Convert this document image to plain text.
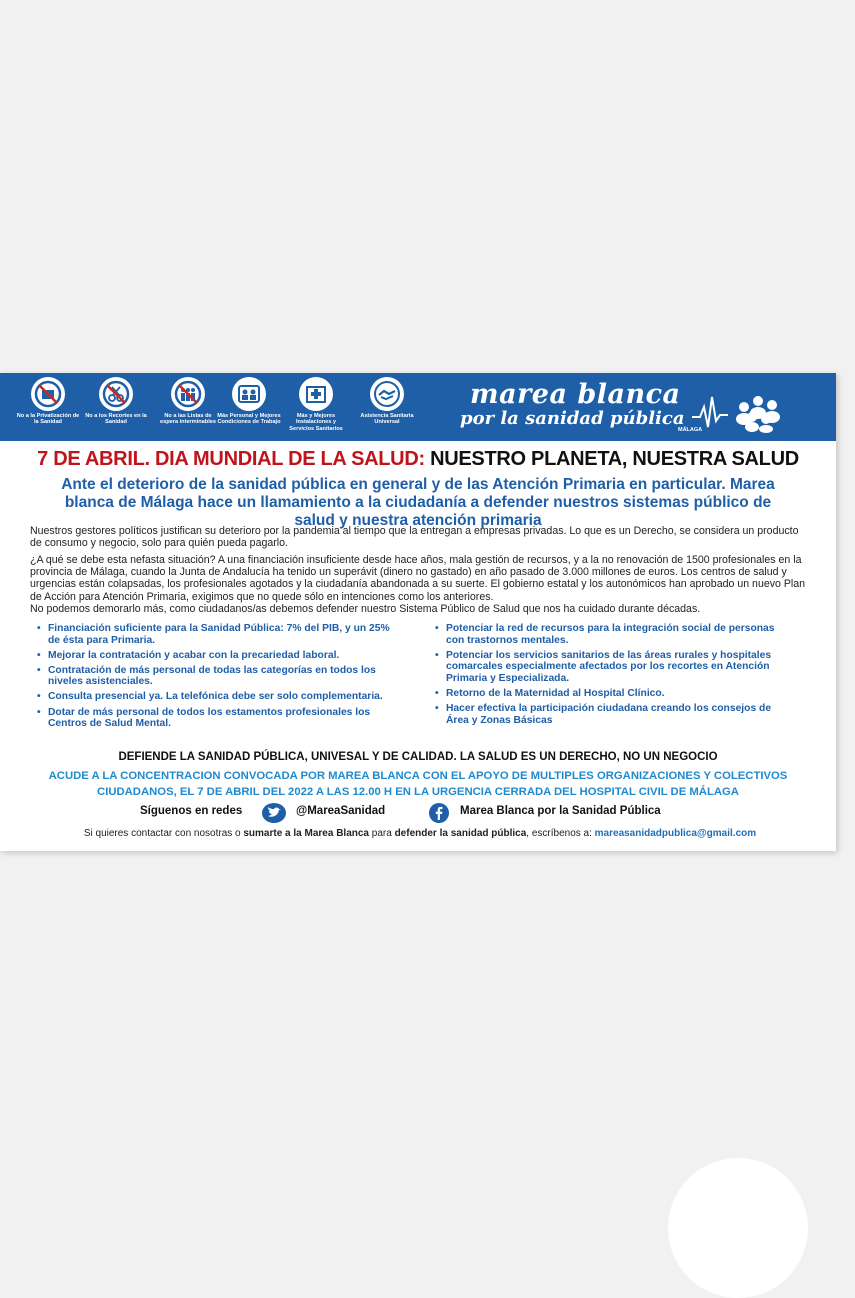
No a la Privatización de la Sanidad
No a los Recortes en la Sanidad
No a las Listas de espera interminables
Más Personal y Mejores Condiciones de Trabajo
Más y Mejores Instalaciones y Servicios Sanitarios
Asistencia Sanitaria Universal
marea blanca
por la sanidad pública
MÁLAGA
7 DE ABRIL. DIA MUNDIAL DE LA SALUD: NUESTRO PLANETA, NUESTRA SALUD
Ante el deterioro de la sanidad pública en general y de las Atención Primaria en particular. Marea blanca de Málaga hace un llamamiento a la ciudadanía a defender nuestros sistemas público de salud y nuestra atención primaria
Nuestros gestores políticos justifican su deterioro por la pandemia al tiempo que la entregan a empresas privadas. Lo que es un Derecho, se considera un producto de consumo y negocio, solo para quién pueda pagarlo.
¿A qué se debe esta nefasta situación? A una financiación insuficiente desde hace años, mala gestión de recursos, y a la no renovación de 1500 profesionales en la provincia de Málaga, cuando la Junta de Andalucía ha tenido un superávit (dinero no gastado) en año pasado de 3.000 millones de euros. Los centros de salud y urgencias están colapsadas, los profesionales agotados y la ciudadanía abandonada a su suerte. El gobierno estatal y los autonómicos han aprobado un nuevo Plan de Acción para Atención Primaria, exigimos que no quede sólo en intenciones como los anteriores.
No podemos demorarlo más, como ciudadanos/as debemos defender nuestro Sistema Público de Salud que nos ha cuidado durante décadas.
• Financiación suficiente para la Sanidad Pública: 7% del PIB, y un 25% de ésta para Primaria.
• Mejorar la contratación y acabar con la precariedad laboral.
• Contratación de más personal de todas las categorías en todos los niveles asistenciales.
• Consulta presencial ya. La telefónica debe ser solo complementaria.
• Dotar de más personal de todos los estamentos profesionales los Centros de Salud Mental.
• Potenciar la red de recursos para la integración social de personas con trastornos mentales.
• Potenciar los servicios sanitarios de las áreas rurales y hospitales comarcales especialmente afectados por los recortes en Atención Primaria y Especializada.
• Retorno de la Maternidad al Hospital Clínico.
• Hacer efectiva la participación ciudadana creando los consejos de Área y Zonas Básicas
DEFIENDE LA SANIDAD PÚBLICA, UNIVESAL Y DE CALIDAD. LA SALUD ES UN DERECHO, NO UN NEGOCIO
ACUDE A LA CONCENTRACION CONVOCADA POR MAREA BLANCA CON EL APOYO DE MULTIPLES ORGANIZACIONES Y COLECTIVOS CIUDADANOS, EL 7 DE ABRIL DEL 2022 A LAS 12.00 H EN LA URGENCIA CERRADA DEL HOSPITAL CIVIL DE MÁLAGA
Síguenos en redes	@MareaSanidad	Marea Blanca por la Sanidad Pública
Si quieres contactar con nosotras o sumarte a la Marea Blanca para defender la sanidad pública, escríbenos a: mareasanidadpublica@gmail.com
